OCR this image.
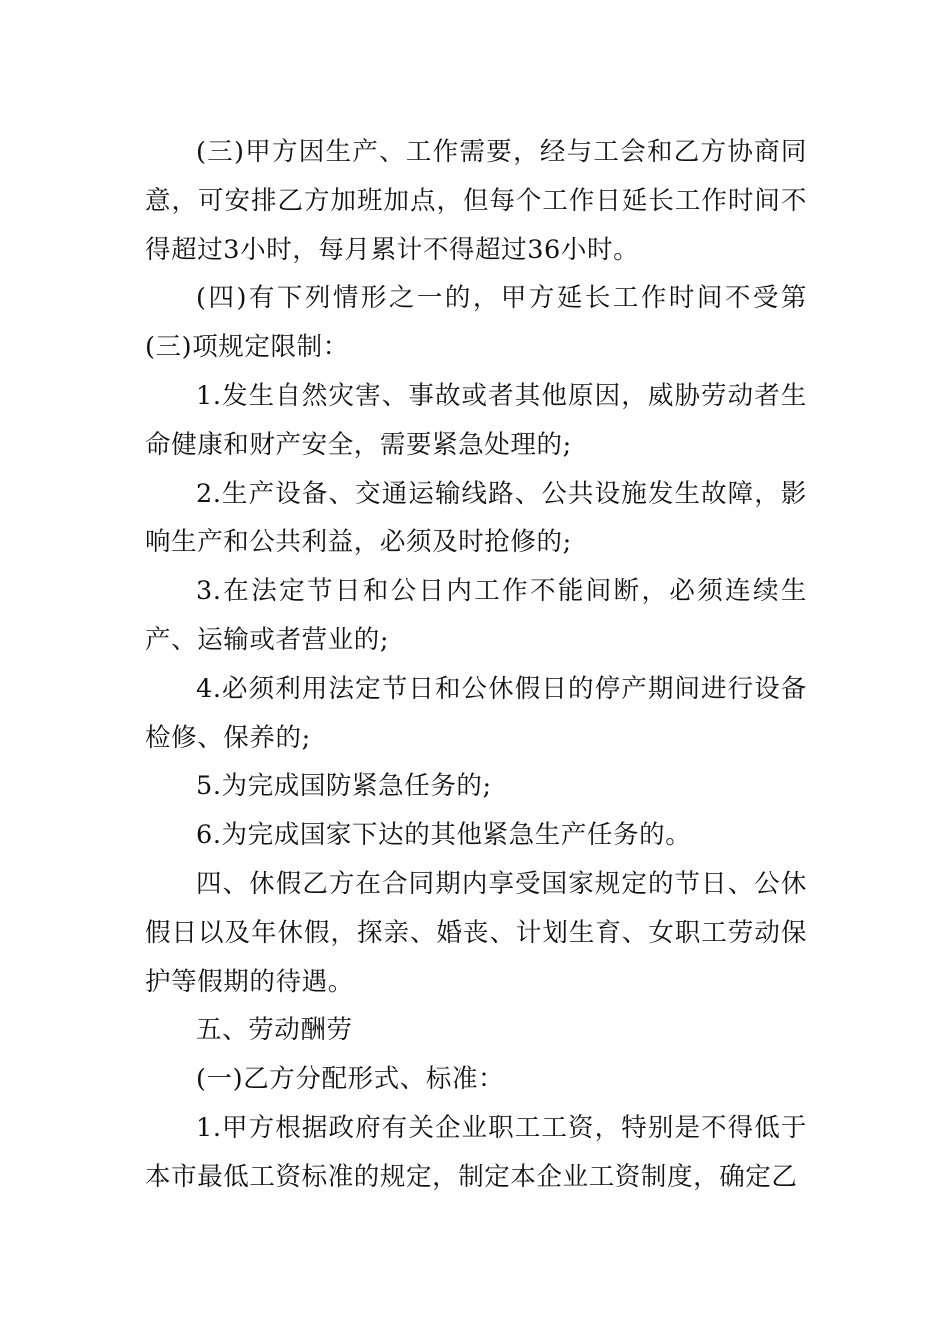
(三)甲方因生产、工作需要，经与工会和乙方协商同意，可安排乙方加班加点，但每个工作日延长工作时间不得超过3小时，每月累计不得超过36小时。

(四)有下列情形之一的，甲方延长工作时间不受第(三)项规定限制：

1.发生自然灾害、事故或者其他原因，威胁劳动者生命健康和财产安全，需要紧急处理的;

2.生产设备、交通运输线路、公共设施发生故障，影响生产和公共利益，必须及时抢修的;

3.在法定节日和公日内工作不能间断，必须连续生产、运输或者营业的;

4.必须利用法定节日和公休假日的停产期间进行设备检修、保养的;

5.为完成国防紧急任务的;

6.为完成国家下达的其他紧急生产任务的。

四、休假乙方在合同期内享受国家规定的节日、公休假日以及年休假，探亲、婚丧、计划生育、女职工劳动保护等假期的待遇。

五、劳动酬劳

(一)乙方分配形式、标准：

1.甲方根据政府有关企业职工工资，特别是不得低于本市最低工资标准的规定，制定本企业工资制度，确定乙
